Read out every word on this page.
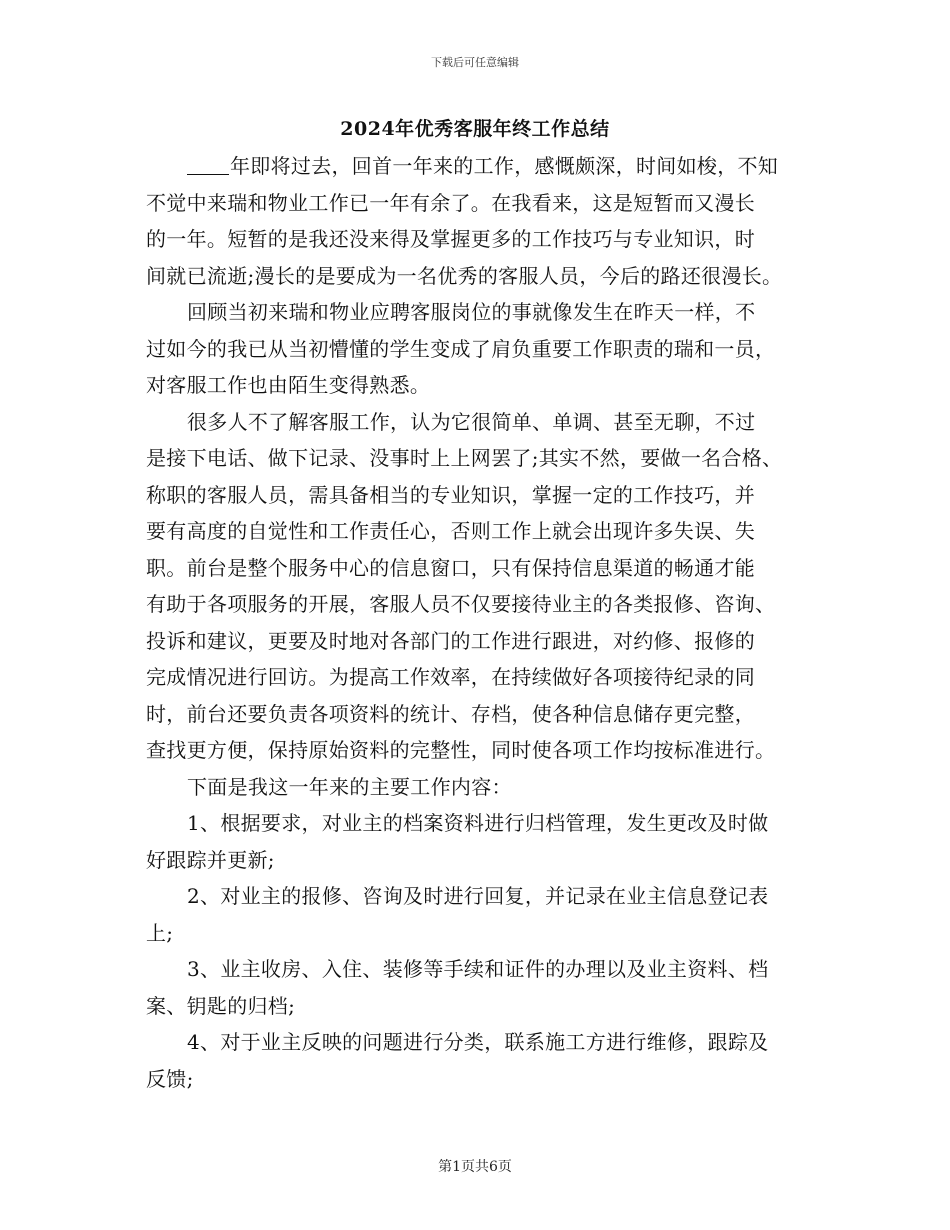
下载后可任意编辑
2024年优秀客服年终工作总结
年即将过去，回首一年来的工作，感慨颇深，时间如梭，不知
不觉中来瑞和物业工作已一年有余了。在我看来，这是短暂而又漫长
的一年。短暂的是我还没来得及掌握更多的工作技巧与专业知识，时
间就已流逝;漫长的是要成为一名优秀的客服人员，今后的路还很漫长。
回顾当初来瑞和物业应聘客服岗位的事就像发生在昨天一样，不
过如今的我已从当初懵懂的学生变成了肩负重要工作职责的瑞和一员，
对客服工作也由陌生变得熟悉。
很多人不了解客服工作，认为它很简单、单调、甚至无聊，不过
是接下电话、做下记录、没事时上上网罢了;其实不然，要做一名合格、
称职的客服人员，需具备相当的专业知识，掌握一定的工作技巧，并
要有高度的自觉性和工作责任心，否则工作上就会出现许多失误、失
职。前台是整个服务中心的信息窗口，只有保持信息渠道的畅通才能
有助于各项服务的开展，客服人员不仅要接待业主的各类报修、咨询、
投诉和建议，更要及时地对各部门的工作进行跟进，对约修、报修的
完成情况进行回访。为提高工作效率，在持续做好各项接待纪录的同
时，前台还要负责各项资料的统计、存档，使各种信息储存更完整，
查找更方便，保持原始资料的完整性，同时使各项工作均按标准进行。
下面是我这一年来的主要工作内容：
1、根据要求，对业主的档案资料进行归档管理，发生更改及时做
好跟踪并更新;
2、对业主的报修、咨询及时进行回复，并记录在业主信息登记表
上;
3、业主收房、入住、装修等手续和证件的办理以及业主资料、档
案、钥匙的归档;
4、对于业主反映的问题进行分类，联系施工方进行维修，跟踪及
反馈;
第1页共6页
